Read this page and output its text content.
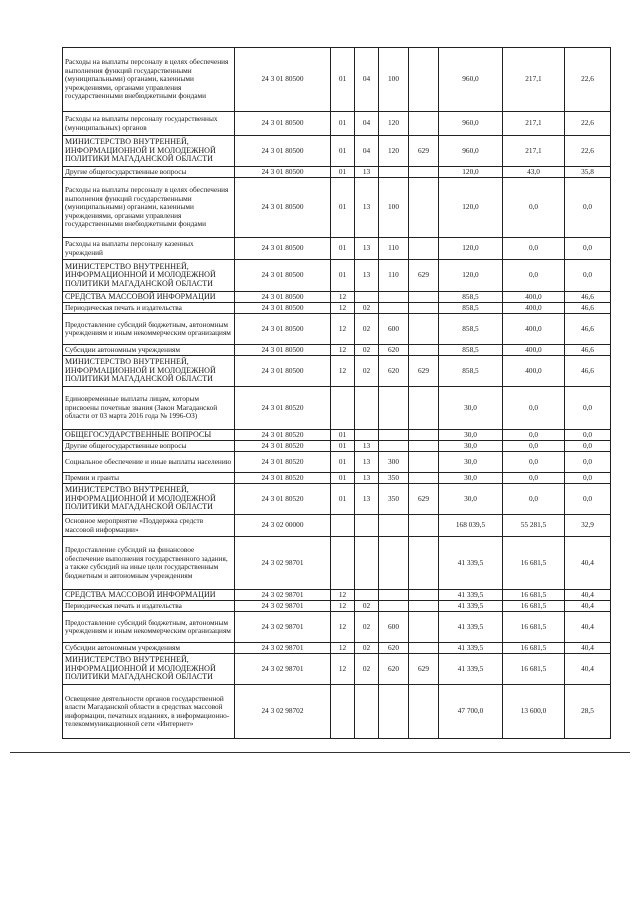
Расходы на выплаты персоналу в целях обеспечения выполнения функций государственными (муниципальными) органами, казенными учреждениями, органами управления государственными внебюджетными фондами	24 3 01 80500	01	04	100		960,0	217,1	22,6
Расходы на выплаты персоналу государственных (муниципальных) органов	24 3 01 80500	01	04	120		960,0	217,1	22,6
МИНИСТЕРСТВО ВНУТРЕННЕЙ, ИНФОРМАЦИОННОЙ И МОЛОДЕЖНОЙ ПОЛИТИКИ МАГАДАНСКОЙ ОБЛАСТИ	24 3 01 80500	01	04	120	629	960,0	217,1	22,6
Другие общегосударственные вопросы	24 3 01 80500	01	13			120,0	43,0	35,8
Расходы на выплаты персоналу в целях обеспечения выполнения функций государственными (муниципальными) органами, казенными учреждениями, органами управления государственными внебюджетными фондами	24 3 01 80500	01	13	100		120,0	0,0	0,0
Расходы на выплаты персоналу казенных учреждений	24 3 01 80500	01	13	110		120,0	0,0	0,0
МИНИСТЕРСТВО ВНУТРЕННЕЙ, ИНФОРМАЦИОННОЙ И МОЛОДЕЖНОЙ ПОЛИТИКИ МАГАДАНСКОЙ ОБЛАСТИ	24 3 01 80500	01	13	110	629	120,0	0,0	0,0
СРЕДСТВА МАССОВОЙ ИНФОРМАЦИИ	24 3 01 80500	12				858,5	400,0	46,6
Периодическая печать и издательства	24 3 01 80500	12	02			858,5	400,0	46,6
Предоставление субсидий бюджетным, автономным учреждениям и иным некоммерческим организациям	24 3 01 80500	12	02	600		858,5	400,0	46,6
Субсидии автономным учреждениям	24 3 01 80500	12	02	620		858,5	400,0	46,6
МИНИСТЕРСТВО ВНУТРЕННЕЙ, ИНФОРМАЦИОННОЙ И МОЛОДЕЖНОЙ ПОЛИТИКИ МАГАДАНСКОЙ ОБЛАСТИ	24 3 01 80500	12	02	620	629	858,5	400,0	46,6
Единовременные выплаты лицам, которым присвоены почетные звания (Закон Магаданской области от 03 марта 2016 года № 1996-ОЗ)	24 3 01 80520					30,0	0,0	0,0
ОБЩЕГОСУДАРСТВЕННЫЕ ВОПРОСЫ	24 3 01 80520	01				30,0	0,0	0,0
Другие общегосударственные вопросы	24 3 01 80520	01	13			30,0	0,0	0,0
Социальное обеспечение и иные выплаты населению	24 3 01 80520	01	13	300		30,0	0,0	0,0
Премии и гранты	24 3 01 80520	01	13	350		30,0	0,0	0,0
МИНИСТЕРСТВО ВНУТРЕННЕЙ, ИНФОРМАЦИОННОЙ И МОЛОДЕЖНОЙ ПОЛИТИКИ МАГАДАНСКОЙ ОБЛАСТИ	24 3 01 80520	01	13	350	629	30,0	0,0	0,0
Основное мероприятие «Поддержка средств массовой информации»	24 3 02 00000					168 039,5	55 281,5	32,9
Предоставление субсидий на финансовое обеспечение выполнения государственного задания, а также субсидий на иные цели государственным бюджетным и автономным учреждениям	24 3 02 98701					41 339,5	16 681,5	40,4
СРЕДСТВА МАССОВОЙ ИНФОРМАЦИИ	24 3 02 98701	12				41 339,5	16 681,5	40,4
Периодическая печать и издательства	24 3 02 98701	12	02			41 339,5	16 681,5	40,4
Предоставление субсидий бюджетным, автономным учреждениям и иным некоммерческим организациям	24 3 02 98701	12	02	600		41 339,5	16 681,5	40,4
Субсидии автономным учреждениям	24 3 02 98701	12	02	620		41 339,5	16 681,5	40,4
МИНИСТЕРСТВО ВНУТРЕННЕЙ, ИНФОРМАЦИОННОЙ И МОЛОДЕЖНОЙ ПОЛИТИКИ МАГАДАНСКОЙ ОБЛАСТИ	24 3 02 98701	12	02	620	629	41 339,5	16 681,5	40,4
Освещение деятельности органов государственной власти Магаданской области в средствах массовой информации, печатных изданиях, в информационно-телекоммуникационной сети «Интернет»	24 3 02 98702					47 700,0	13 600,0	28,5
